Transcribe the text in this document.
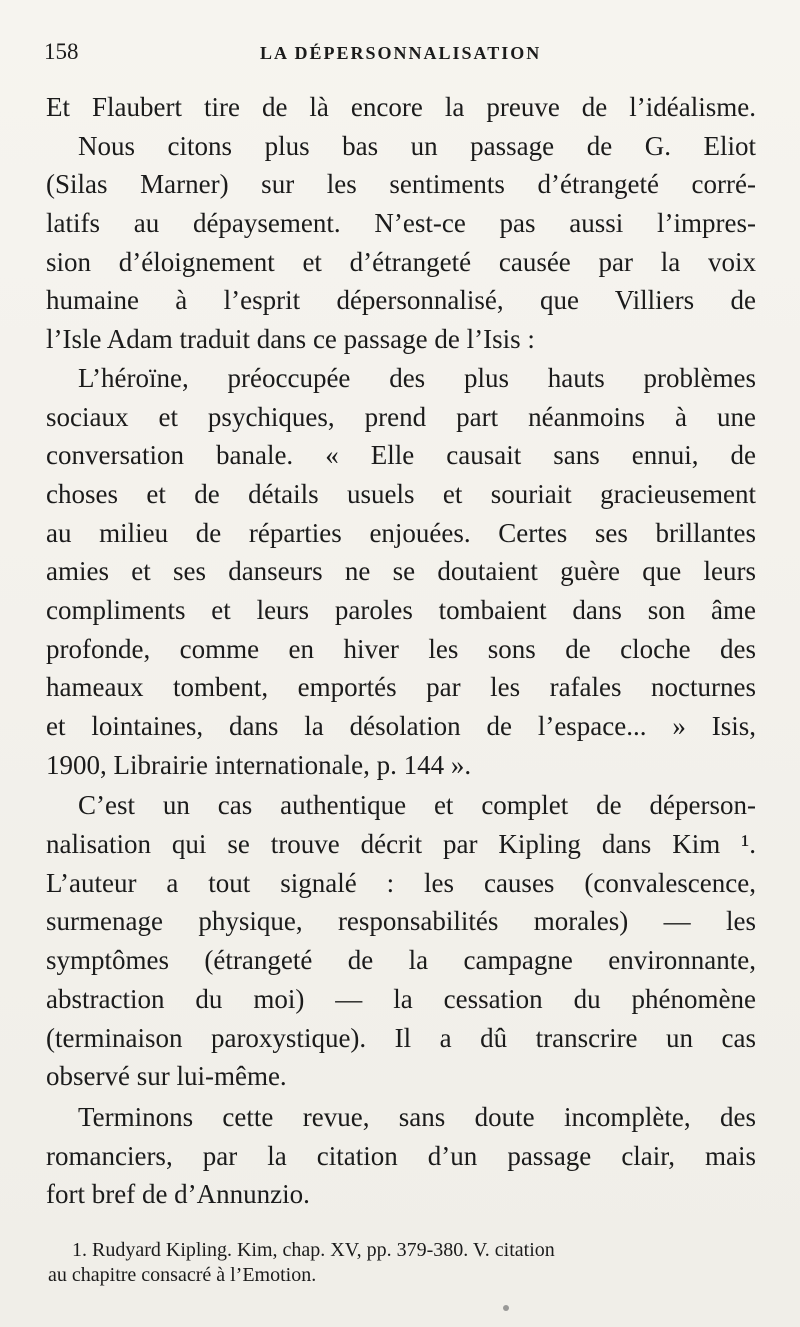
158	LA DÉPERSONNALISATION
Et Flaubert tire de là encore la preuve de l’idéalisme.
Nous citons plus bas un passage de G. Eliot
(Silas Marner) sur les sentiments d’étrangeté corré-
latifs au dépaysement. N’est-ce pas aussi l’impres-
sion d’éloignement et d’étrangeté causée par la voix
humaine à l’esprit dépersonnalisé, que Villiers de
l’Isle Adam traduit dans ce passage de l’Isis :
L’héroïne, préoccupée des plus hauts problèmes
sociaux et psychiques, prend part néanmoins à une
conversation banale. « Elle causait sans ennui, de
choses et de détails usuels et souriait gracieusement
au milieu de réparties enjouées. Certes ses brillantes
amies et ses danseurs ne se doutaient guère que leurs
compliments et leurs paroles tombaient dans son âme
profonde, comme en hiver les sons de cloche des
hameaux tombent, emportés par les rafales nocturnes
et lointaines, dans la désolation de l’espace... » Isis,
1900, Librairie internationale, p. 144 ».
C’est un cas authentique et complet de déperson-
nalisation qui se trouve décrit par Kipling dans Kim ¹.
L’auteur a tout signalé : les causes (convalescence,
surmenage physique, responsabilités morales) — les
symptômes (étrangeté de la campagne environnante,
abstraction du moi) — la cessation du phénomène
(terminaison paroxystique). Il a dû transcrire un cas
observé sur lui-même.
Terminons cette revue, sans doute incomplète, des
romanciers, par la citation d’un passage clair, mais
fort bref de d’Annunzio.
1. Rudyard Kipling. Kim, chap. XV, pp. 379-380. V. citation
au chapitre consacré à l’Emotion.
